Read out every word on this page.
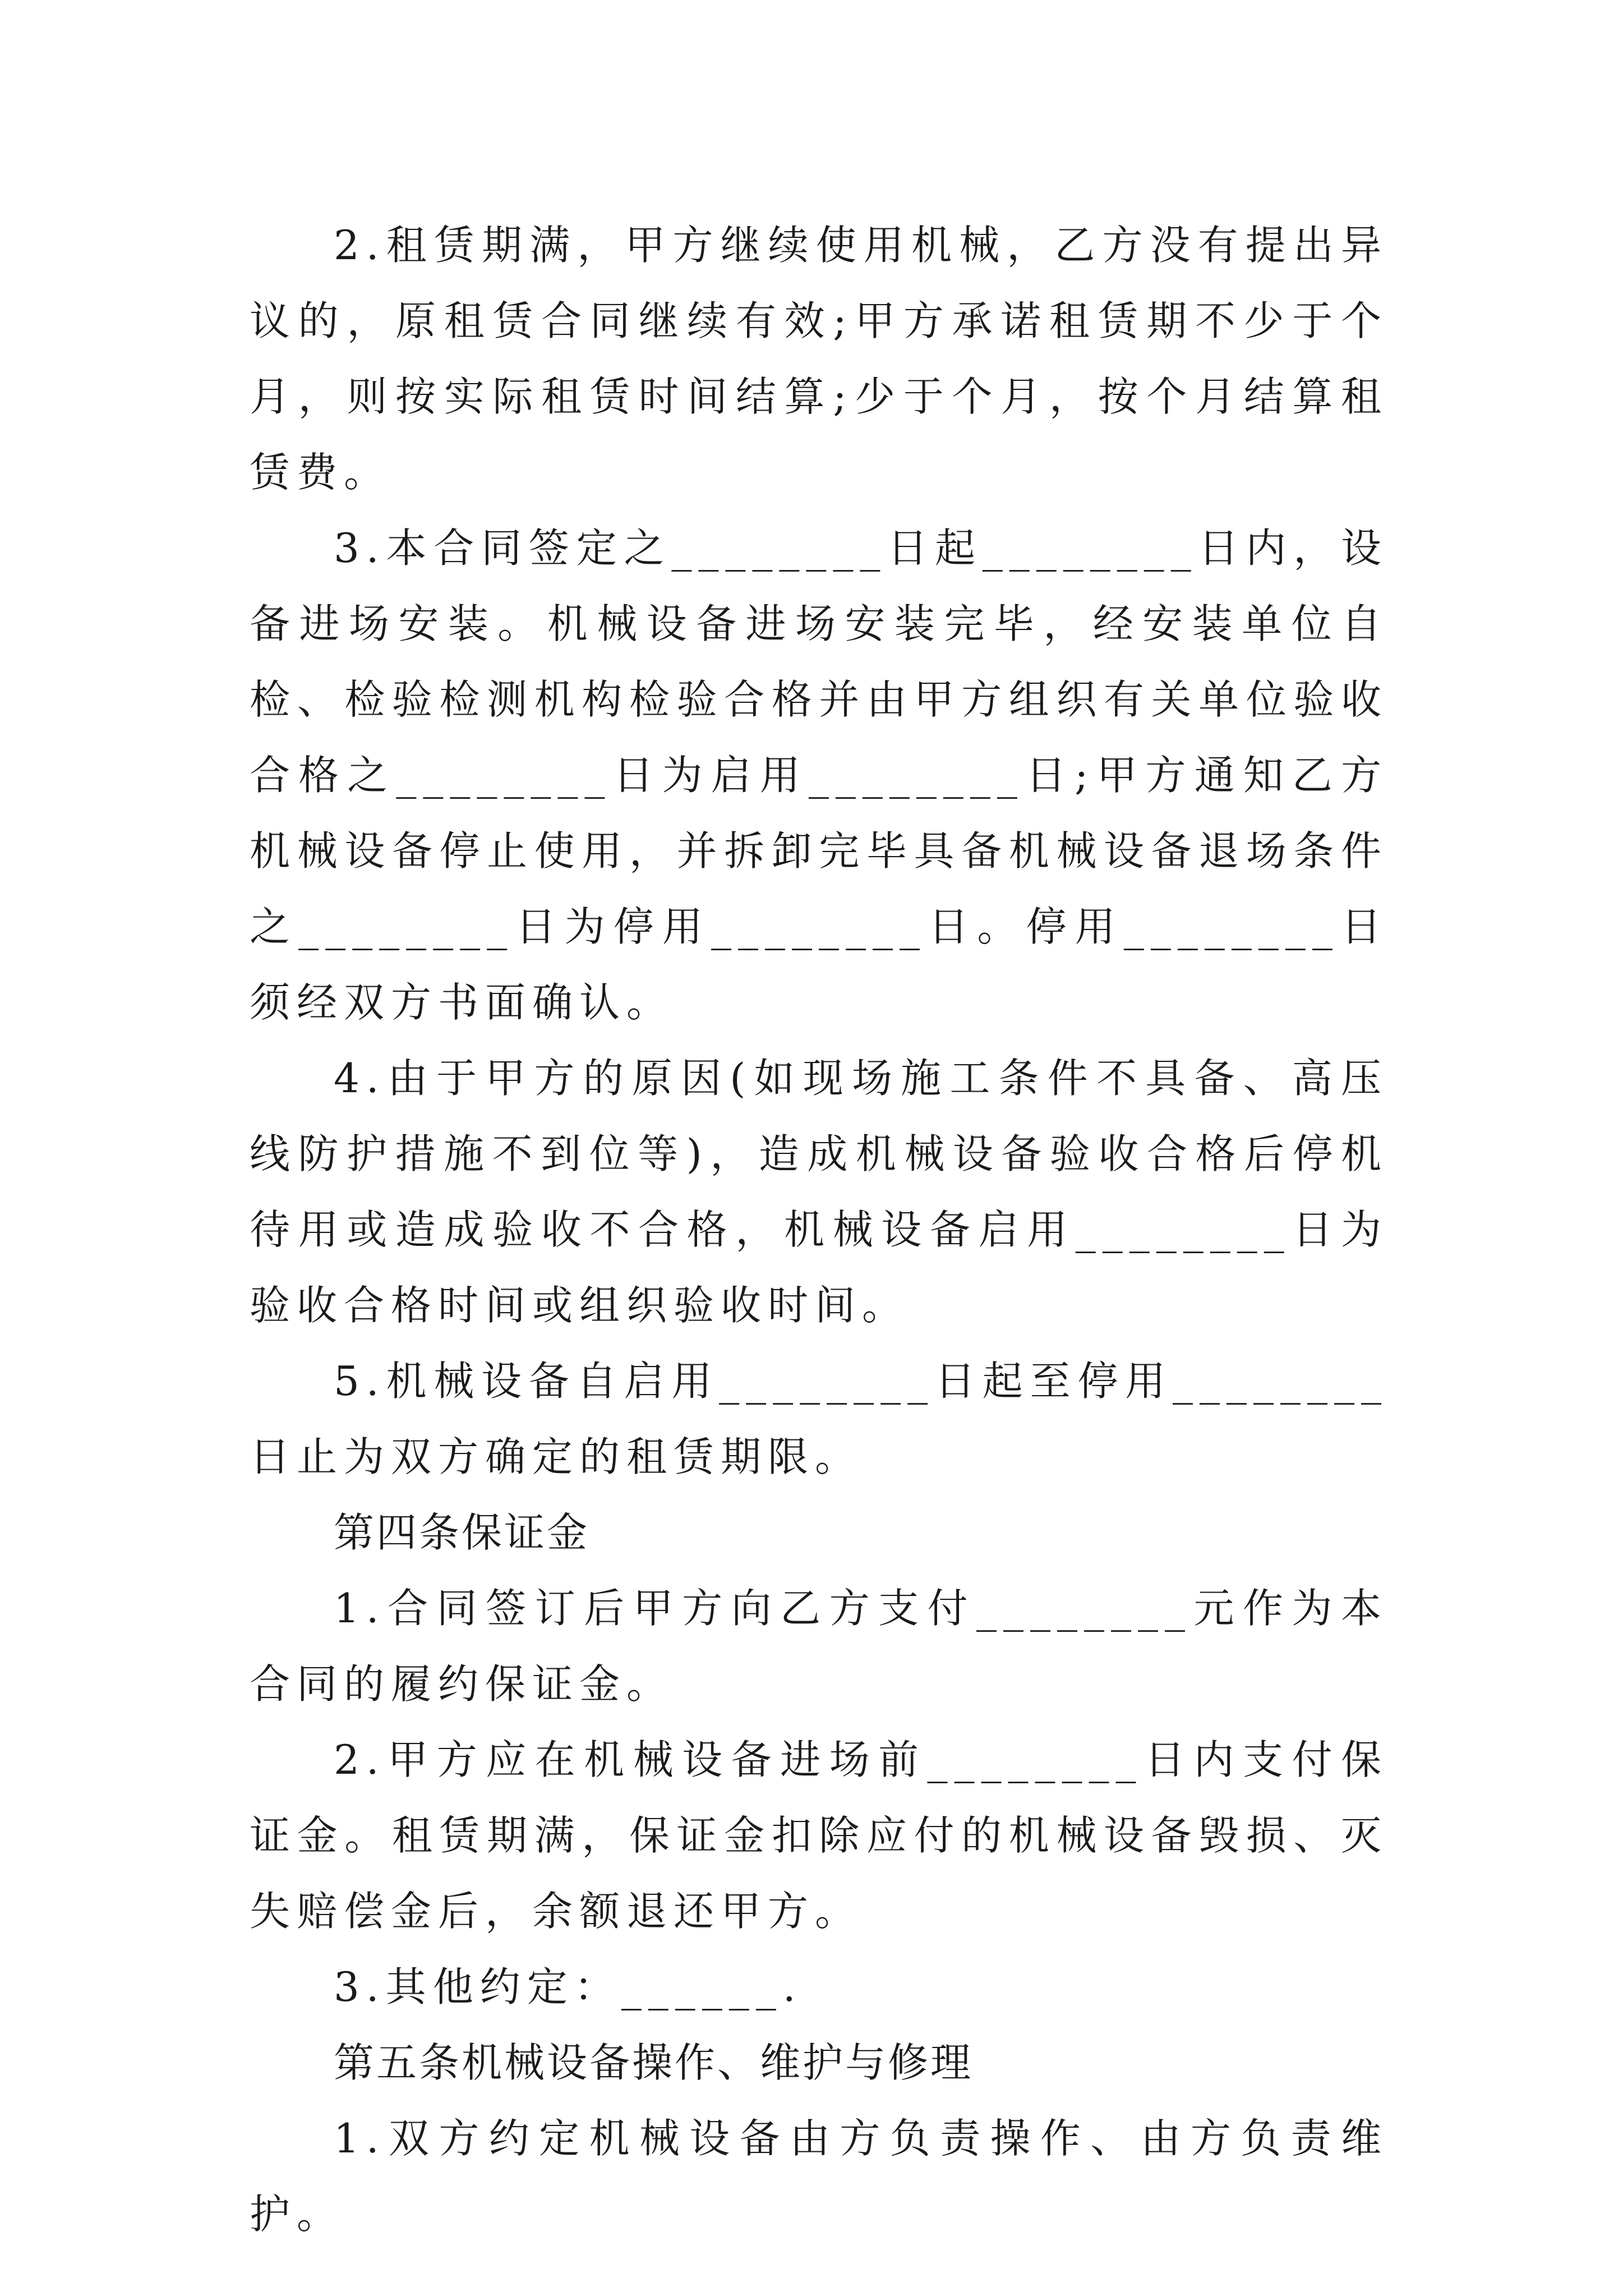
2.租赁期满，甲方继续使用机械，乙方没有提出异议的，原租赁合同继续有效;甲方承诺租赁期不少于个月，则按实际租赁时间结算;少于个月，按个月结算租赁费。

3.本合同签定之________日起________日内，设备进场安装。机械设备进场安装完毕，经安装单位自检、检验检测机构检验合格并由甲方组织有关单位验收合格之________日为启用________日;甲方通知乙方机械设备停止使用，并拆卸完毕具备机械设备退场条件之________日为停用________日。停用________日须经双方书面确认。

4.由于甲方的原因(如现场施工条件不具备、高压线防护措施不到位等)，造成机械设备验收合格后停机待用或造成验收不合格，机械设备启用________日为验收合格时间或组织验收时间。

5.机械设备自启用________日起至停用________日止为双方确定的租赁期限。

第四条保证金

1.合同签订后甲方向乙方支付________元作为本合同的履约保证金。

2.甲方应在机械设备进场前________日内支付保证金。租赁期满，保证金扣除应付的机械设备毁损、灭失赔偿金后，余额退还甲方。

3.其他约定：______.

第五条机械设备操作、维护与修理

1.双方约定机械设备由方负责操作、由方负责维护。
